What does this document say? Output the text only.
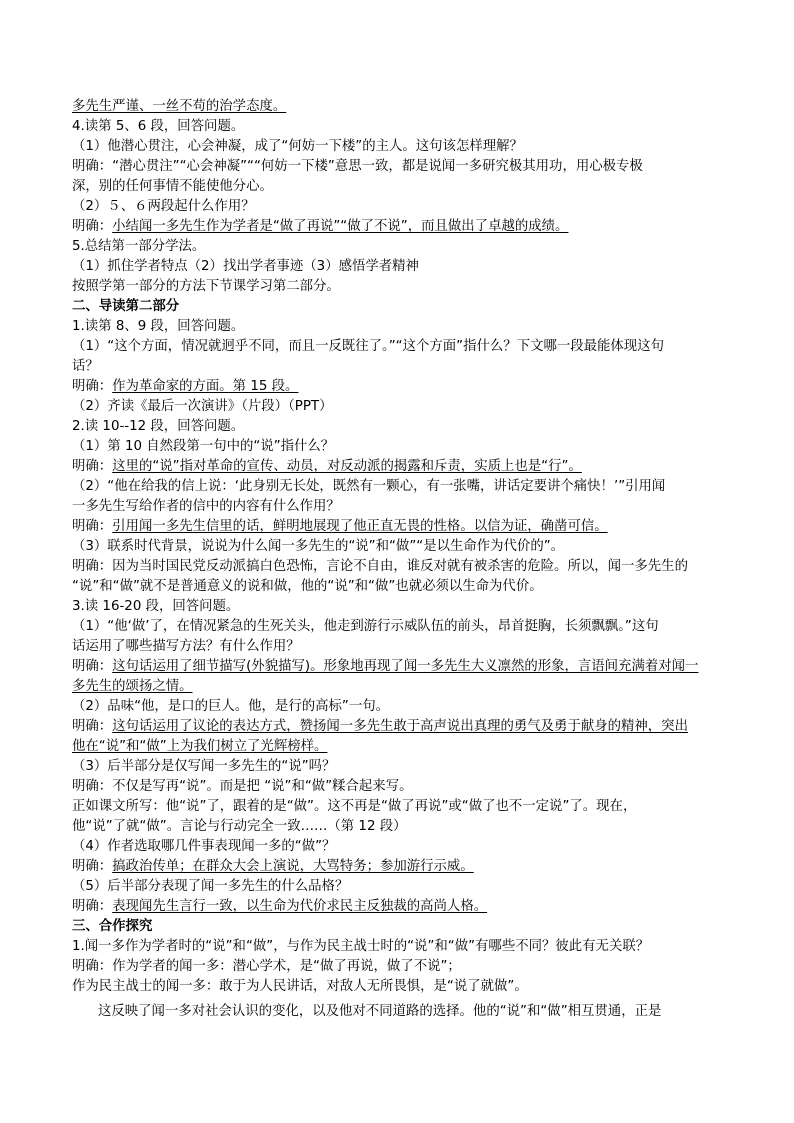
多先生严谨、一丝不苟的治学态度。
4.读第 5、6 段，回答问题。
（1）他潜心贯注，心会神凝，成了“何妨一下楼”的主人。这句该怎样理解？
明确：“潜心贯注”“心会神凝”““何妨一下楼”意思一致，都是说闻一多研究极其用功，用心极专极
深，别的任何事情不能使他分心。
（2）５、６两段起什么作用？
明确：小结闻一多先生作为学者是“做了再说”“做了不说”，而且做出了卓越的成绩。
5.总结第一部分学法。
（1）抓住学者特点（2）找出学者事迹（3）感悟学者精神
按照学第一部分的方法下节课学习第二部分。
二、导读第二部分
1.读第 8、9 段，回答问题。
（1）“这个方面，情况就迥乎不同，而且一反既往了。”“这个方面”指什么？下文哪一段最能体现这句
话？
明确：作为革命家的方面。第 15 段。
（2）齐读《最后一次演讲》（片段）（PPT）
2.读 10--12 段，回答问题。
（1）第 10 自然段第一句中的“说”指什么？
明确：这里的“说”指对革命的宣传、动员，对反动派的揭露和斥责，实质上也是“行”。
（2）“他在给我的信上说：‘此身别无长处，既然有一颗心，有一张嘴，讲话定要讲个痛快！’”引用闻
一多先生写给作者的信中的内容有什么作用？
明确：引用闻一多先生信里的话，鲜明地展现了他正直无畏的性格。以信为证，确凿可信。
（3）联系时代背景，说说为什么闻一多先生的“说”和“做”“是以生命作为代价的”。
明确：因为当时国民党反动派搞白色恐怖，言论不自由，谁反对就有被杀害的危险。所以，闻一多先生的
“说”和“做”就不是普通意义的说和做，他的“说”和“做”也就必须以生命为代价。
3.读 16-20 段，回答问题。
（1）“他‘做’了，在情况紧急的生死关头，他走到游行示威队伍的前头，昂首挺胸，长须飘飘。”这句
话运用了哪些描写方法？有什么作用？
明确：这句话运用了细节描写(外貌描写)。形象地再现了闻一多先生大义凛然的形象，言语间充满着对闻一
多先生的颂扬之情。
（2）品味“他，是口的巨人。他，是行的高标”一句。
明确：这句话运用了议论的表达方式，赞扬闻一多先生敢于高声说出真理的勇气及勇于献身的精神，突出
他在“说”和“做”上为我们树立了光辉榜样。
（3）后半部分是仅写闻一多先生的“说”吗？
明确：不仅是写再“说”。而是把 “说”和“做”糅合起来写。
正如课文所写：他“说”了，跟着的是“做”。这不再是“做了再说”或“做了也不一定说”了。现在，
他“说”了就“做”。言论与行动完全一致……（第 12 段）
（4）作者选取哪几件事表现闻一多的“做”？
明确：搞政治传单；在群众大会上演说，大骂特务；参加游行示威。
（5）后半部分表现了闻一多先生的什么品格？
明确：表现闻先生言行一致，以生命为代价求民主反独裁的高尚人格。
三、合作探究
1.闻一多作为学者时的“说”和“做”，与作为民主战士时的“说”和“做”有哪些不同？彼此有无关联？
明确：作为学者的闻一多：潜心学术，是“做了再说，做了不说”；
作为民主战士的闻一多：敢于为人民讲话，对敌人无所畏惧，是“说了就做”。
这反映了闻一多对社会认识的变化，以及他对不同道路的选择。他的“说”和“做”相互贯通，正是
